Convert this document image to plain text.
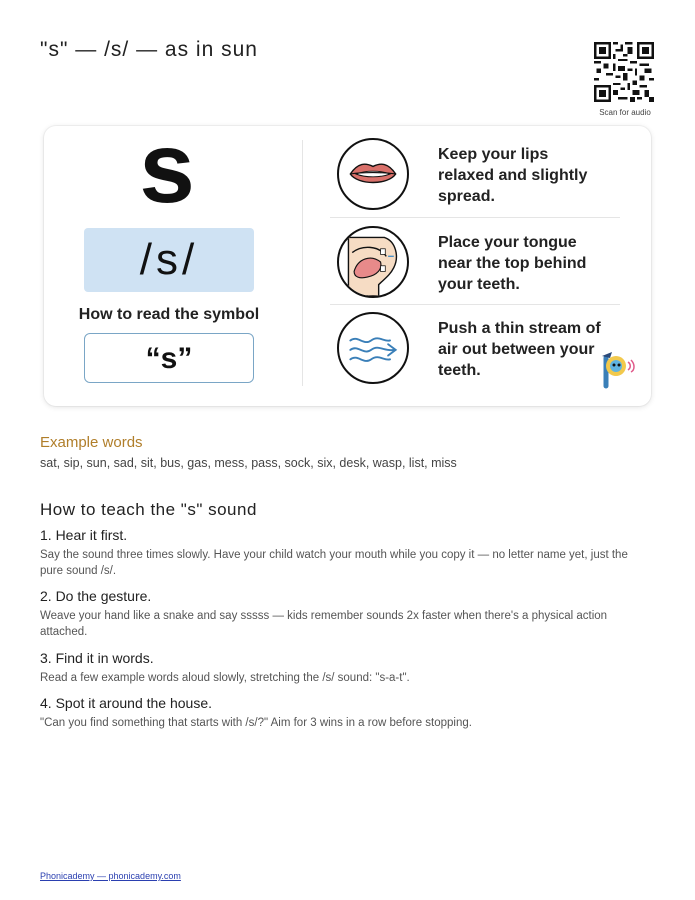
"s" — /s/ — as in sun
Scan for audio
s
/s/
How to read the symbol
“s”
Keep your lips relaxed and slightly spread.
Place your tongue near the top behind your teeth.
Push a thin stream of air out between your teeth.
Example words
sat, sip, sun, sad, sit, bus, gas, mess, pass, sock, six, desk, wasp, list, miss
How to teach the "s" sound
1. Hear it first.
Say the sound three times slowly. Have your child watch your mouth while you copy it — no letter name yet, just the pure sound /s/.
2. Do the gesture.
Weave your hand like a snake and say sssss — kids remember sounds 2x faster when there's a physical action attached.
3. Find it in words.
Read a few example words aloud slowly, stretching the /s/ sound: "s-a-t".
4. Spot it around the house.
"Can you find something that starts with /s/?" Aim for 3 wins in a row before stopping.
Phonicademy — phonicademy.com
